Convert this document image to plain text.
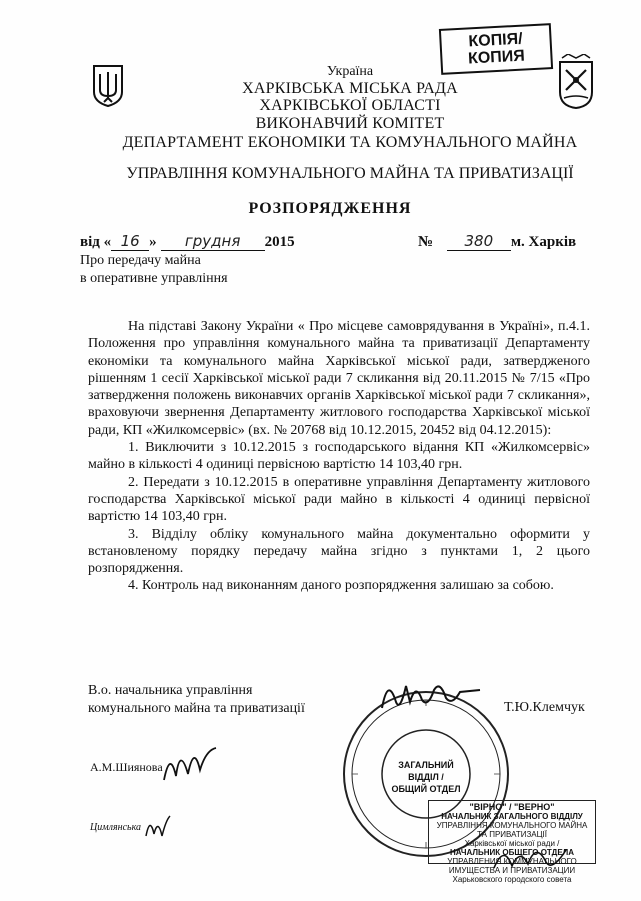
КОПІЯ/
КОПИЯ
Україна
ХАРКІВСЬКА МІСЬКА РАДА
ХАРКІВСЬКОЇ ОБЛАСТІ
ВИКОНАВЧИЙ КОМІТЕТ
ДЕПАРТАМЕНТ ЕКОНОМІКИ ТА КОМУНАЛЬНОГО МАЙНА
УПРАВЛІННЯ КОМУНАЛЬНОГО МАЙНА ТА ПРИВАТИЗАЦІЇ
РОЗПОРЯДЖЕННЯ
від « 16 » грудня 2015	№ 380 м. Харків
Про передачу майна
в оперативне управління

На підставі Закону України « Про місцеве самоврядування в Україні», п.4.1. Положення про управління комунального майна та приватизації Департаменту економіки та комунального майна Харківської міської ради, затвердженого рішенням 1 сесії Харківської міської ради 7 скликання від 20.11.2015 № 7/15 «Про затвердження положень виконавчих органів Харківської міської ради 7 скликання», враховуючи звернення Департаменту житлового господарства Харківської міської ради, КП «Жилкомсервіс» (вх. № 20768 від 10.12.2015, 20452 від 04.12.2015):

1. Виключити з 10.12.2015 з господарського відання КП «Жилкомсервіс» майно в кількості 4 одиниці первісною вартістю 14 103,40 грн.

2. Передати з 10.12.2015 в оперативне управління Департаменту житлового господарства Харківської міської ради майно в кількості 4 одиниці первісної вартістю 14 103,40 грн.

3. Відділу обліку комунального майна документально оформити у встановленому порядку передачу майна згідно з пунктами 1, 2 цього розпорядження.

4. Контроль над виконанням даного розпорядження залишаю за собою.

В.о. начальника управління
комунального майна та приватизації	Т.Ю.Клемчук
ЗАГАЛЬНИЙ
ВІДДІЛ /
ОБЩИЙ ОТДЕЛ
А.М.Шиянова
Цимлянська
"ВІРНО" / "ВЕРНО"
НАЧАЛЬНИК ЗАГАЛЬНОГО ВІДДІЛУ
УПРАВЛІННЯ КОМУНАЛЬНОГО МАЙНА ТА ПРИВАТИЗАЦІЇ
Харківської міської ради /
НАЧАЛЬНИК ОБЩЕГО ОТДЕЛА
УПРАВЛЕНИЯ КОММУНАЛЬНОГО ИМУЩЕСТВА И ПРИВАТИЗАЦИИ
Харьковского городского совета
